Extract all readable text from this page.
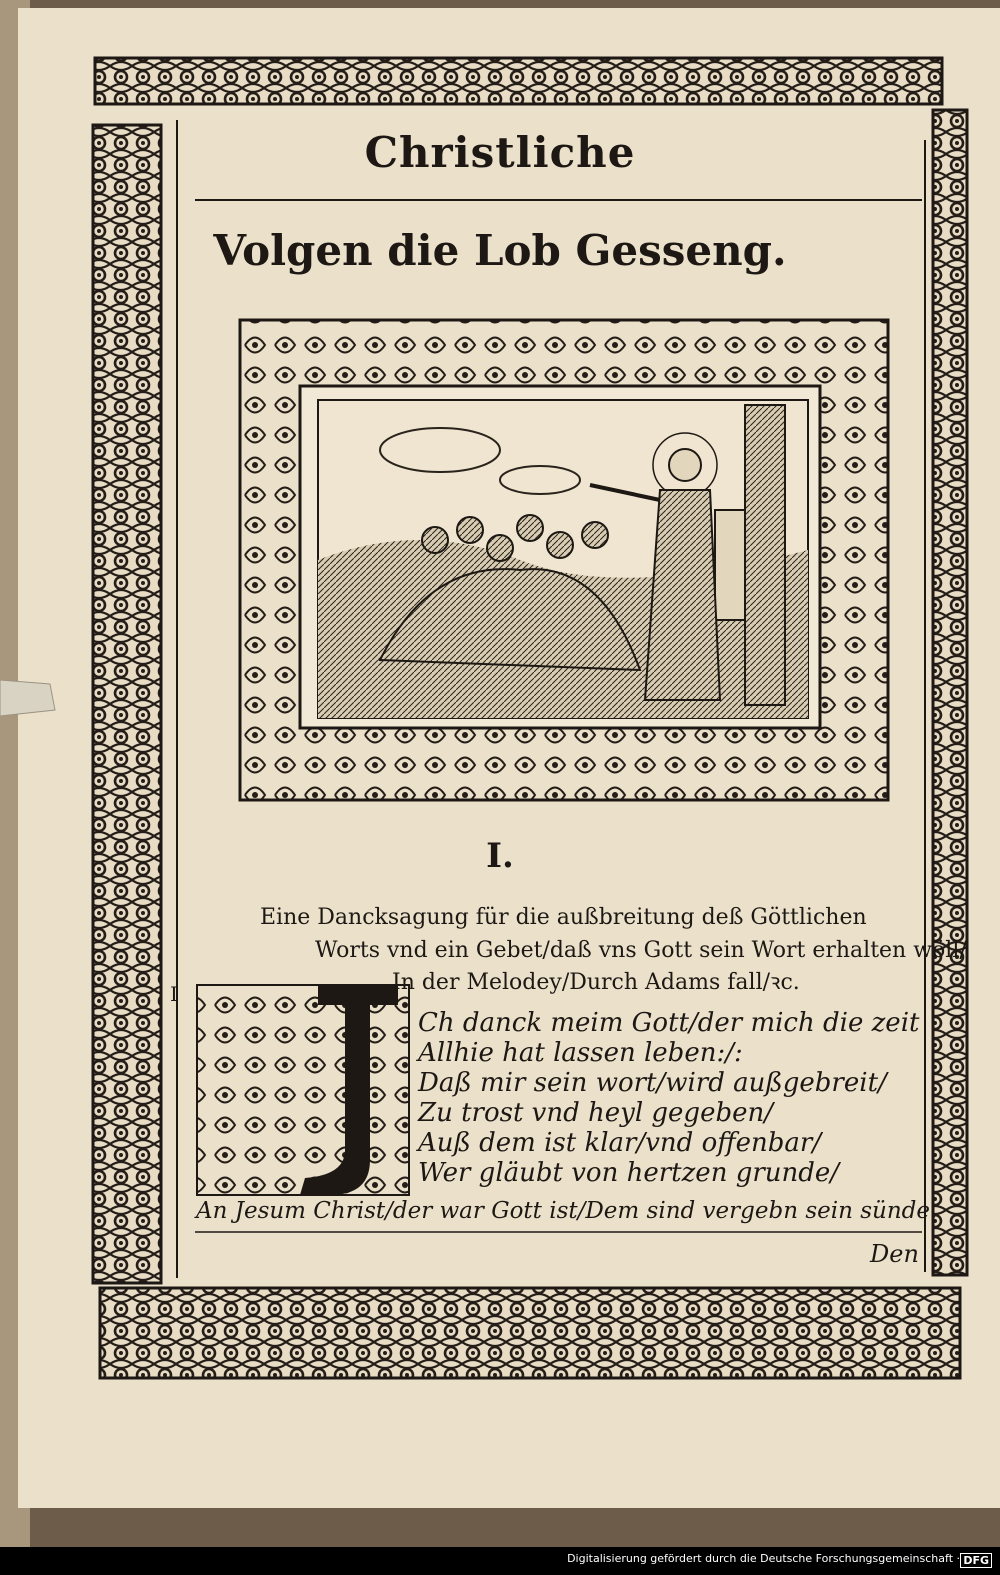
Christliche
Volgen die Lob Gesseng.
I.
Eine Dancksagung für die außbreitung deß Göttlichen
Worts vnd ein Gebet/daß vns Gott sein Wort erhalten wöll/
In der Melodey/Durch Adams fall/ꝛc.
I
Ch danck meim Gott/der mich die zeit
Allhie hat lassen leben:/:
Daß mir sein wort/wird außgebreit/
Zu trost vnd heyl gegeben/
Auß dem ist klar/vnd offenbar/
Wer gläubt von hertzen grunde/
An Jesum Christ/der war Gott ist/Dem sind vergebn sein sünde.
Den
Digitalisierung gefördert durch die Deutsche Forschungsgemeinschaft · DFG
